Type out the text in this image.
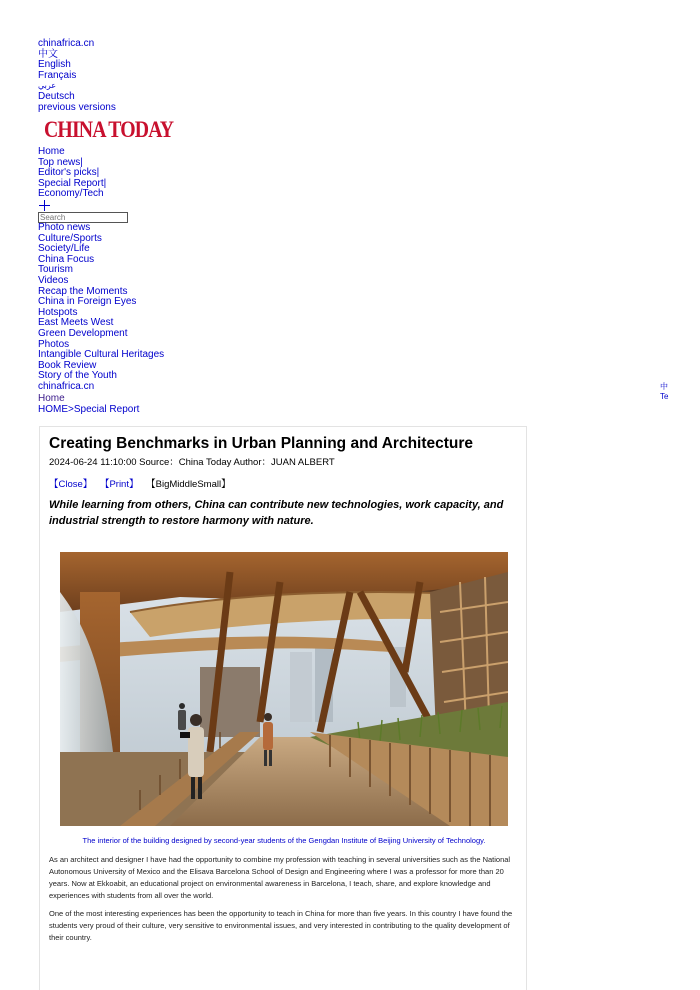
chinafrica.cn
中文
English
Français
عربي
Deutsch
previous versions
CHINA TODAY
Home
Top news|
Editor's picks|
Special Report|
Economy/Tech
Search
Photo news
Culture/Sports
Society/Life
China Focus
Tourism
Videos
Recap the Moments
China in Foreign Eyes
Hotspots
East Meets West
Green Development
Photos
Intangible Cultural Heritages
Book Review
Story of the Youth
chinafrica.cn
Home
HOME>Special Report
中
Te
Creating Benchmarks in Urban Planning and Architecture
2024-06-24 11:10:00 Source：China Today Author：JUAN ALBERT
【Close】 【Print】 【BigMiddleSmall】

While learning from others, China can contribute new technologies, work capacity, and industrial strength to restore harmony with nature.

The interior of the building designed by second-year students of the Gengdan Institute of Beijing University of Technology.

As an architect and designer I have had the opportunity to combine my profession with teaching in several universities such as the National Autonomous University of Mexico and the Elisava Barcelona School of Design and Engineering where I was a professor for more than 20 years. Now at Ekkoabit, an educational project on environmental awareness in Barcelona, I teach, share, and explore knowledge and experiences with students from all over the world.

One of the most interesting experiences has been the opportunity to teach in China for more than five years. In this country I have found the students very proud of their culture, very sensitive to environmental issues, and very interested in contributing to the quality development of their country.
